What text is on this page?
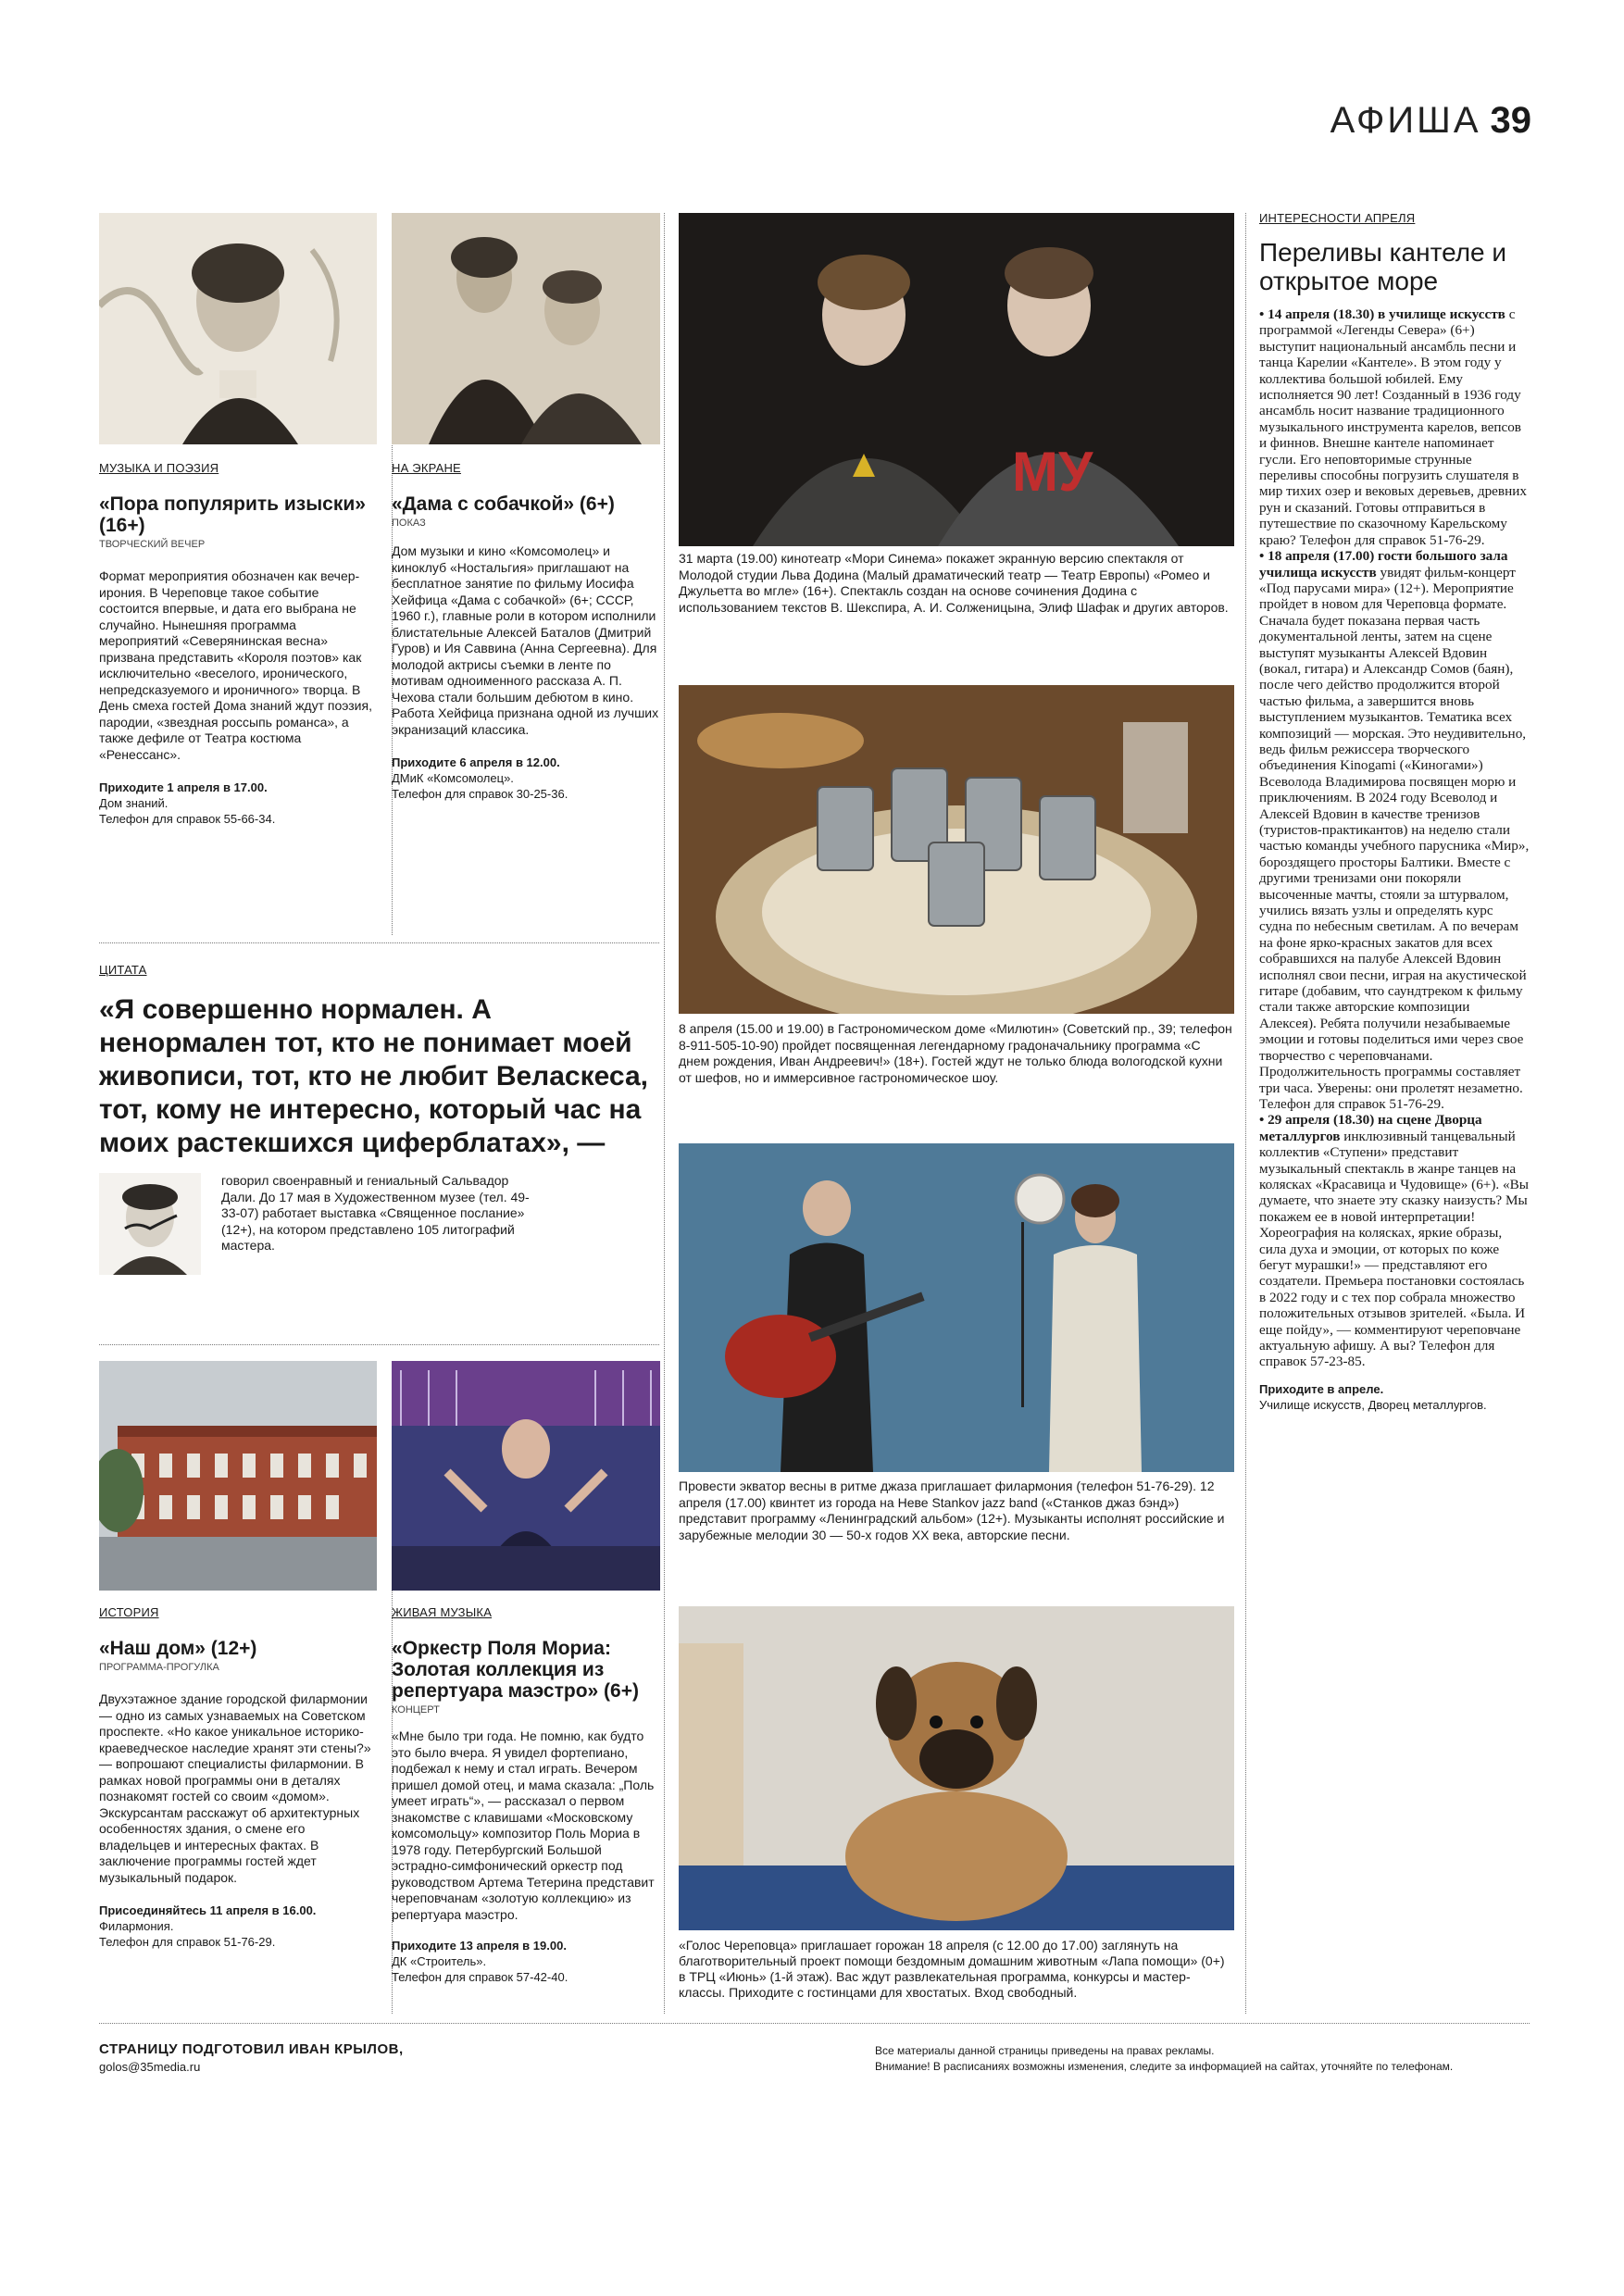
АФИША 39
МУЗЫКА И ПОЭЗИЯ
«Пора популярить изыски» (16+)
ТВОРЧЕСКИЙ ВЕЧЕР
Формат мероприятия обозначен как вечер-ирония. В Череповце такое событие состоится впервые, и дата его выбрана не случайно. Нынешняя программа мероприятий «Северянинская весна» призвана представить «Короля поэтов» как исключительно «веселого, иронического, непредсказуемого и ироничного» творца. В День смеха гостей Дома знаний ждут поэзия, пародии, «звездная россыпь романса», а также дефиле от Театра костюма «Ренессанс».
Приходите 1 апреля в 17.00.
Дом знаний.
Телефон для справок 55-66-34.
НА ЭКРАНЕ
«Дама с собачкой» (6+)
ПОКАЗ
Дом музыки и кино «Комсомолец» и киноклуб «Ностальгия» приглашают на бесплатное занятие по фильму Иосифа Хейфица «Дама с собачкой» (6+; СССР, 1960 г.), главные роли в котором исполнили блистательные Алексей Баталов (Дмитрий Гуров) и Ия Саввина (Анна Сергеевна). Для молодой актрисы съемки в ленте по мотивам одноименного рассказа А. П. Чехова стали большим дебютом в кино. Работа Хейфица признана одной из лучших экранизаций классика.
Приходите 6 апреля в 12.00.
ДМиК «Комсомолец».
Телефон для справок 30-25-36.
ЦИТАТА
«Я совершенно нормален. А ненормален тот, кто не понимает моей живописи, тот, кто не любит Веласкеса, тот, кому не интересно, который час на моих растекшихся циферблатах», —
говорил своенравный и гениальный Сальвадор Дали. До 17 мая в Художественном музее (тел. 49-33-07) работает выставка «Священное послание» (12+), на котором представлено 105 литографий мастера.
ИСТОРИЯ
«Наш дом» (12+)
ПРОГРАММА-ПРОГУЛКА
Двухэтажное здание городской филармонии — одно из самых узнаваемых на Советском проспекте. «Но какое уникальное историко-краеведческое наследие хранят эти стены?» — вопрошают специалисты филармонии. В рамках новой программы они в деталях познакомят гостей со своим «домом». Экскурсантам расскажут об архитектурных особенностях здания, о смене его владельцев и интересных фактах. В заключение программы гостей ждет музыкальный подарок.
Присоединяйтесь 11 апреля в 16.00.
Филармония.
Телефон для справок 51-76-29.
ЖИВАЯ МУЗЫКА
«Оркестр Поля Мориа: Золотая коллекция из репертуара маэстро» (6+)
КОНЦЕРТ
«Мне было три года. Не помню, как будто это было вчера. Я увидел фортепиано, подбежал к нему и стал играть. Вечером пришел домой отец, и мама сказала: „Поль умеет играть“», — рассказал о первом знакомстве с клавишами «Московскому комсомольцу» композитор Поль Мориа в 1978 году. Петербургский Большой эстрадно-симфонический оркестр под руководством Артема Тетерина представит череповчанам «золотую коллекцию» из репертуара маэстро.
Приходите 13 апреля в 19.00.
ДК «Строитель».
Телефон для справок 57-42-40.
МУ
31 марта (19.00) кинотеатр «Мори Синема» покажет экранную версию спектакля от Молодой студии Льва Додина (Малый драматический театр — Театр Европы) «Ромео и Джульетта во мгле» (16+). Спектакль создан на основе сочинения Додина с использованием текстов В. Шекспира, А. И. Солженицына, Элиф Шафак и других авторов.
8 апреля (15.00 и 19.00) в Гастрономическом доме «Милютин» (Советский пр., 39; телефон 8-911-505-10-90) пройдет посвященная легендарному градоначальнику программа «С днем рождения, Иван Андреевич!» (18+). Гостей ждут не только блюда вологодской кухни от шефов, но и иммерсивное гастрономическое шоу.
Провести экватор весны в ритме джаза приглашает филармония (телефон 51-76-29). 12 апреля (17.00) квинтет из города на Неве Stankov jazz band («Станков джаз бэнд») представит программу «Ленинградский альбом» (12+). Музыканты исполнят российские и зарубежные мелодии 30 — 50-х годов XX века, авторские песни.
«Голос Череповца» приглашает горожан 18 апреля (с 12.00 до 17.00) заглянуть на благотворительный проект помощи бездомным домашним животным «Лапа помощи» (0+) в ТРЦ «Июнь» (1-й этаж). Вас ждут развлекательная программа, конкурсы и мастер-классы. Приходите с гостинцами для хвостатых. Вход свободный.
ИНТЕРЕСНОСТИ АПРЕЛЯ
Переливы кантеле и открытое море
• 14 апреля (18.30) в училище искусств с программой «Легенды Севера» (6+) выступит национальный ансамбль песни и танца Карелии «Кантеле». В этом году у коллектива большой юбилей. Ему исполняется 90 лет! Созданный в 1936 году ансамбль носит название традиционного музыкального инструмента карелов, вепсов и финнов. Внешне кантеле напоминает гусли. Его неповторимые струнные переливы способны погрузить слушателя в мир тихих озер и вековых деревьев, древних рун и сказаний. Готовы отправиться в путешествие по сказочному Карельскому краю? Телефон для справок 51-76-29.
• 18 апреля (17.00) гости большого зала училища искусств увидят фильм-концерт «Под парусами мира» (12+). Мероприятие пройдет в новом для Череповца формате. Сначала будет показана первая часть документальной ленты, затем на сцене выступят музыканты Алексей Вдовин (вокал, гитара) и Александр Сомов (баян), после чего действо продолжится второй частью фильма, а завершится вновь выступлением музыкантов. Тематика всех композиций — морская. Это неудивительно, ведь фильм режиссера творческого объединения Kinogami («Киногами») Всеволода Владимирова посвящен морю и приключениям. В 2024 году Всеволод и Алексей Вдовин в качестве тренизов (туристов-практикантов) на неделю стали частью команды учебного парусника «Мир», бороздящего просторы Балтики. Вместе с другими тренизами они покоряли высоченные мачты, стояли за штурвалом, учились вязать узлы и определять курс судна по небесным светилам. А по вечерам на фоне ярко-красных закатов для всех собравшихся на палубе Алексей Вдовин исполнял свои песни, играя на акустической гитаре (добавим, что саундтреком к фильму стали также авторские композиции Алексея). Ребята получили незабываемые эмоции и готовы поделиться ими через свое творчество с череповчанами. Продолжительность программы составляет три часа. Уверены: они пролетят незаметно. Телефон для справок 51-76-29.
• 29 апреля (18.30) на сцене Дворца металлургов инклюзивный танцевальный коллектив «Ступени» представит музыкальный спектакль в жанре танцев на колясках «Красавица и Чудовище» (6+). «Вы думаете, что знаете эту сказку наизусть? Мы покажем ее в новой интерпретации! Хореография на колясках, яркие образы, сила духа и эмоции, от которых по коже бегут мурашки!» — представляют его создатели. Премьера постановки состоялась в 2022 году и с тех пор собрала множество положительных отзывов зрителей. «Была. И еще пойду», — комментируют череповчане актуальную афишу. А вы? Телефон для справок 57-23-85.
Приходите в апреле.
Училище искусств, Дворец металлургов.
СТРАНИЦУ ПОДГОТОВИЛ ИВАН КРЫЛОВ,
golos@35media.ru
Все материалы данной страницы приведены на правах рекламы.
Внимание! В расписаниях возможны изменения, следите за информацией на сайтах, уточняйте по телефонам.
